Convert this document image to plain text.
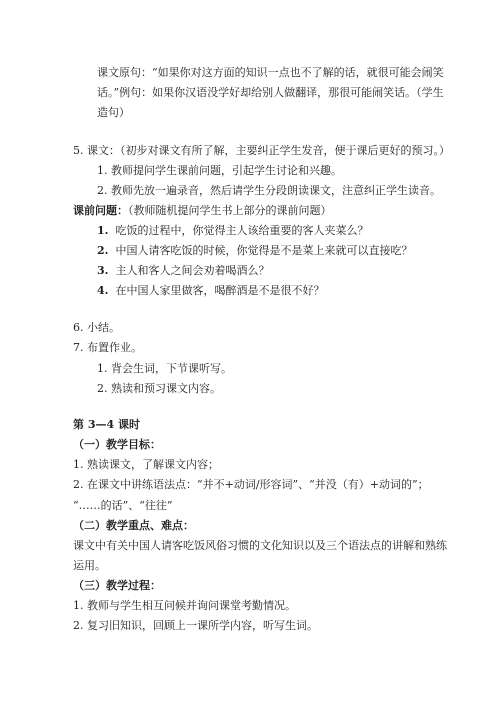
课文原句：“如果你对这方面的知识一点也不了解的话，就很可能会闹笑
话。”例句：如果你汉语没学好却给别人做翻译，那很可能闹笑话。（学生
造句）
5. 课文：（初步对课文有所了解，主要纠正学生发音，便于课后更好的预习。）
1. 教师提问学生课前问题，引起学生讨论和兴趣。
2. 教师先放一遍录音，然后请学生分段朗读课文，注意纠正学生读音。
课前问题：（教师随机提问学生书上部分的课前问题）
1. 吃饭的过程中，你觉得主人该给重要的客人夹菜么？
2. 中国人请客吃饭的时候，你觉得是不是菜上来就可以直接吃？
3. 主人和客人之间会劝着喝酒么？
4. 在中国人家里做客，喝醉酒是不是很不好？
6. 小结。
7. 布置作业。
1. 背会生词，下节课听写。
2. 熟读和预习课文内容。
第 3—4 课时
（一）教学目标：
1. 熟读课文，了解课文内容；
2. 在课文中讲练语法点：“并不+动词/形容词”、“并没（有）+动词的”；
“……的话”、“往往”
（二）教学重点、难点：
课文中有关中国人请客吃饭风俗习惯的文化知识以及三个语法点的讲解和熟练
运用。
（三）教学过程：
1. 教师与学生相互问候并询问课堂考勤情况。
2. 复习旧知识，回顾上一课所学内容，听写生词。
